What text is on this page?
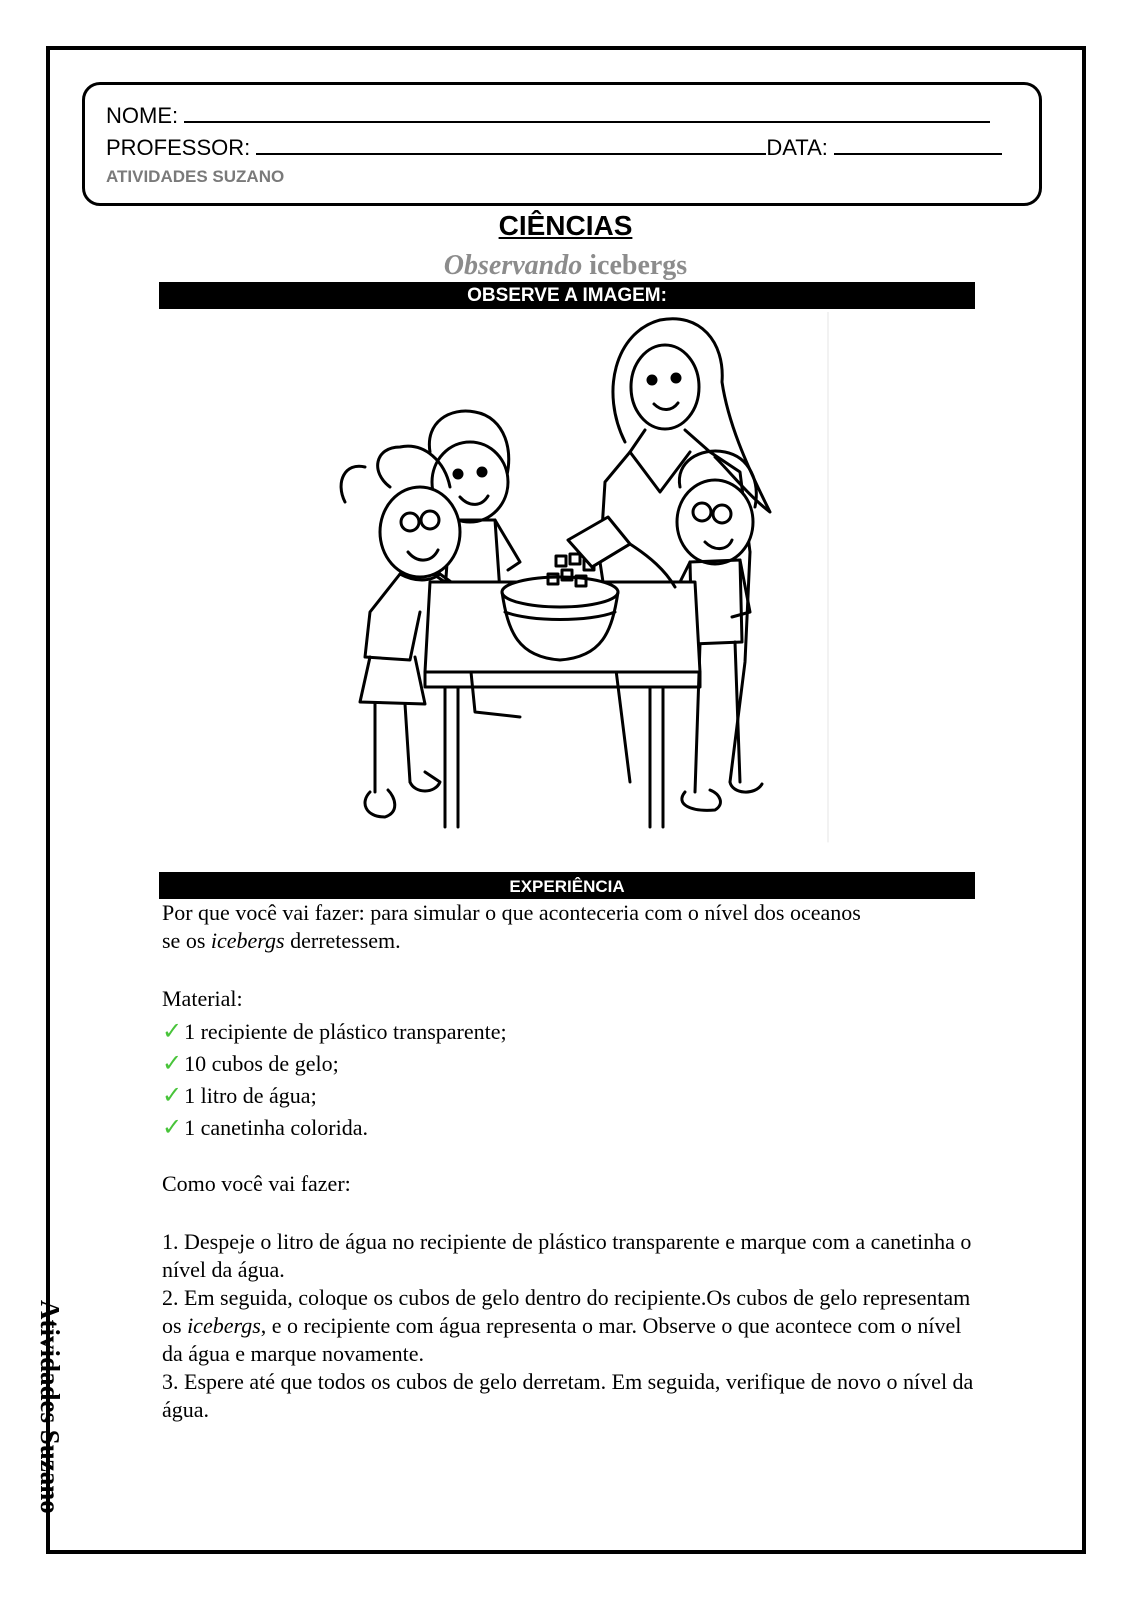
NOME:
PROFESSOR:	DATA:
ATIVIDADES SUZANO
CIÊNCIAS
Observando icebergs
OBSERVE A IMAGEM:
EXPERIÊNCIA
Por que você vai fazer: para simular o que aconteceria com o nível dos oceanos
se os icebergs derretessem.
Material:
✓1 recipiente de plástico transparente;
✓10 cubos de gelo;
✓1 litro de água;
✓1 canetinha colorida.
Como você vai fazer:

1. Despeje o litro de água no recipiente de plástico transparente e marque com a canetinha o nível da água.

2. Em seguida, coloque os cubos de gelo dentro do recipiente.Os cubos de gelo representam os icebergs, e o recipiente com água representa o mar. Observe o que acontece com o nível da água e marque novamente.

3. Espere até que todos os cubos de gelo derretam. Em seguida, verifique de novo o nível da água.

Atividades Suzano
